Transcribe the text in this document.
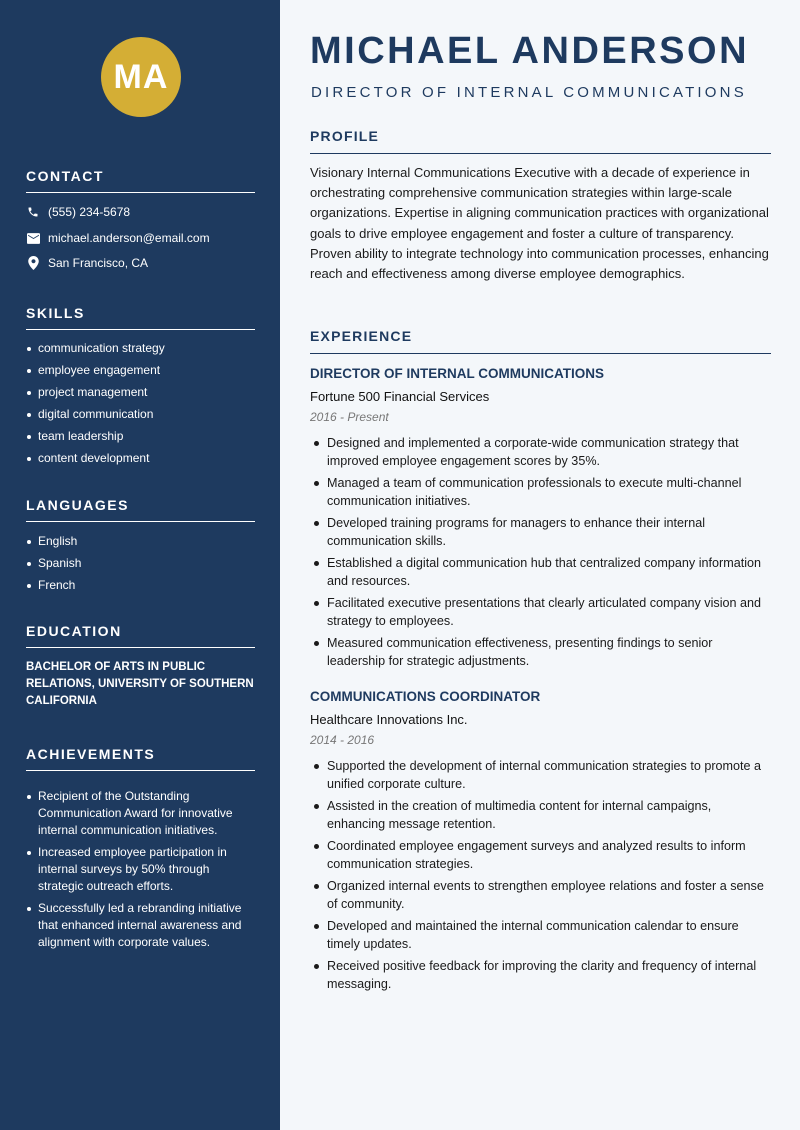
MA
CONTACT
(555) 234-5678
michael.anderson@email.com
San Francisco, CA
SKILLS
communication strategy
employee engagement
project management
digital communication
team leadership
content development
LANGUAGES
English
Spanish
French
EDUCATION
BACHELOR OF ARTS IN PUBLIC RELATIONS, UNIVERSITY OF SOUTHERN CALIFORNIA
ACHIEVEMENTS
Recipient of the Outstanding Communication Award for innovative internal communication initiatives.
Increased employee participation in internal surveys by 50% through strategic outreach efforts.
Successfully led a rebranding initiative that enhanced internal awareness and alignment with corporate values.
MICHAEL ANDERSON
DIRECTOR OF INTERNAL COMMUNICATIONS
PROFILE
Visionary Internal Communications Executive with a decade of experience in orchestrating comprehensive communication strategies within large-scale organizations. Expertise in aligning communication practices with organizational goals to drive employee engagement and foster a culture of transparency. Proven ability to integrate technology into communication processes, enhancing reach and effectiveness among diverse employee demographics.
EXPERIENCE
DIRECTOR OF INTERNAL COMMUNICATIONS
Fortune 500 Financial Services
2016 - Present
Designed and implemented a corporate-wide communication strategy that improved employee engagement scores by 35%.
Managed a team of communication professionals to execute multi-channel communication initiatives.
Developed training programs for managers to enhance their internal communication skills.
Established a digital communication hub that centralized company information and resources.
Facilitated executive presentations that clearly articulated company vision and strategy to employees.
Measured communication effectiveness, presenting findings to senior leadership for strategic adjustments.
COMMUNICATIONS COORDINATOR
Healthcare Innovations Inc.
2014 - 2016
Supported the development of internal communication strategies to promote a unified corporate culture.
Assisted in the creation of multimedia content for internal campaigns, enhancing message retention.
Coordinated employee engagement surveys and analyzed results to inform communication strategies.
Organized internal events to strengthen employee relations and foster a sense of community.
Developed and maintained the internal communication calendar to ensure timely updates.
Received positive feedback for improving the clarity and frequency of internal messaging.
